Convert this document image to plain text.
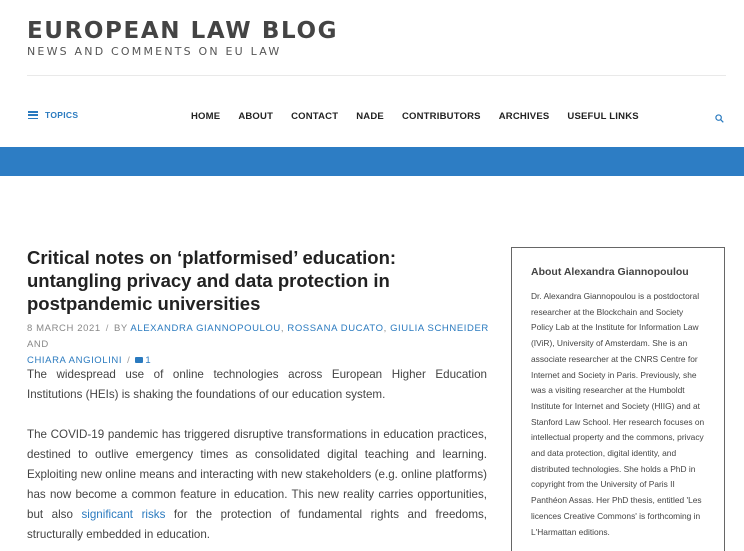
EUROPEAN LAW BLOG
NEWS AND COMMENTS ON EU LAW
TOPICS	HOME ABOUT CONTACT NADE CONTRIBUTORS ARCHIVES USEFUL LINKS
Critical notes on ‘platformised’ education: untangling privacy and data protection in postpandemic universities
8 MARCH 2021 / BY ALEXANDRA GIANNOPOULOU, ROSSANA DUCATO, GIULIA SCHNEIDER AND
CHIARA ANGIOLINI / 1

The widespread use of online technologies across European Higher Education Institutions (HEIs) is shaking the foundations of our education system.

The COVID-19 pandemic has triggered disruptive transformations in education practices, destined to outlive emergency times as consolidated digital teaching and learning. Exploiting new online means and interacting with new stakeholders (e.g. online platforms) has now become a common feature in education. This new reality carries opportunities, but also significant risks for the protection of fundamental rights and freedoms, structurally embedded in education.

About Alexandra Giannopoulou
Dr. Alexandra Giannopoulou is a postdoctoral researcher at the Blockchain and Society Policy Lab at the Institute for Information Law (IViR), University of Amsterdam. She is an associate researcher at the CNRS Centre for Internet and Society in Paris. Previously, she was a visiting researcher at the Humboldt Institute for Internet and Society (HIIG) and at Stanford Law School. Her research focuses on intellectual property and the commons, privacy and data protection, digital identity, and distributed technologies. She holds a PhD in copyright from the University of Paris II Panthéon Assas. Her PhD thesis, entitled 'Les licences Creative Commons' is forthcoming in L'Harmattan editions.
